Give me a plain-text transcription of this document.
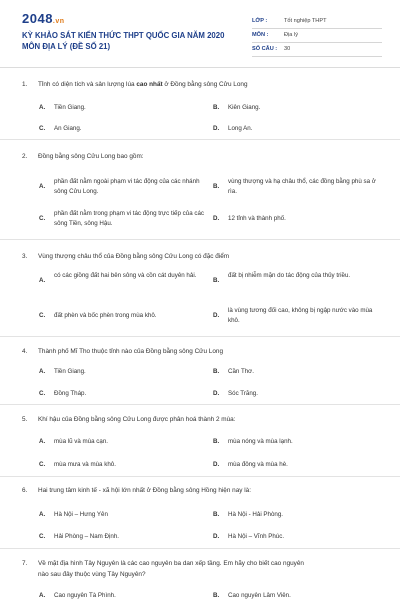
2048.vn
KỲ KHẢO SÁT KIẾN THỨC THPT QUỐC GIA NĂM 2020
MÔN ĐỊA LÝ (ĐỀ SỐ 21)
LỚP :	Tốt nghiệp THPT
MÔN :	Địa lý
SỐ CÂU : 30
1. Tỉnh có diện tích và sản lượng lúa cao nhất ở Đồng bằng sông Cửu Long
A. Tiền Giang.	B. Kiên Giang.
C. An Giang.	D. Long An.
2. Đồng bằng sông Cửu Long bao gồm:
A.
phần đất nằm ngoài phạm vi tác động của các nhánh sông Cửu Long.
B.
vùng thượng và hạ châu thổ, các đồng bằng phù sa ở rìa.
C.
phần đất nằm trong phạm vi tác động trực tiếp của các sông Tiền, sông Hậu.
D. 12 tỉnh và thành phố.
3. Vùng thượng châu thổ của Đồng bằng sông Cửu Long có đặc điểm
A.
có các giồng đất hai bên sông và cồn cát duyên hải.
B.
đất bị nhiễm mặn do tác động của thủy triều.
C. đất phèn và bốc phèn trong mùa khô.	D.
là vùng tương đối cao, không bị ngập nước vào mùa khô.
4. Thành phố Mĩ Tho thuộc tỉnh nào của Đồng bằng sông Cửu Long
A. Tiền Giang.	B. Cần Thơ.
C. Đồng Tháp.	D. Sóc Trăng.
5. Khí hậu của Đồng bằng sông Cửu Long được phân hoá thành 2 mùa:
A. mùa lũ và mùa cạn.	B. mùa nóng và mùa lạnh.
C. mùa mưa và mùa khô.	D. mùa đông và mùa hè.
6. Hai trung tâm kinh tế - xã hội lớn nhất ở Đồng bằng sông Hồng hiện nay là:
A. Hà Nội – Hưng Yên	B. Hà Nội - Hải Phòng.
C. Hải Phòng – Nam Định.	D. Hà Nội – Vĩnh Phúc.
7. Về mặt địa hình Tây Nguyên là các cao nguyên ba dan xếp tầng. Em hãy cho biết cao nguyên
nào sau đây thuộc vùng Tây Nguyên?
A. Cao nguyên Tà Phình.	B. Cao nguyên Lâm Viên.
